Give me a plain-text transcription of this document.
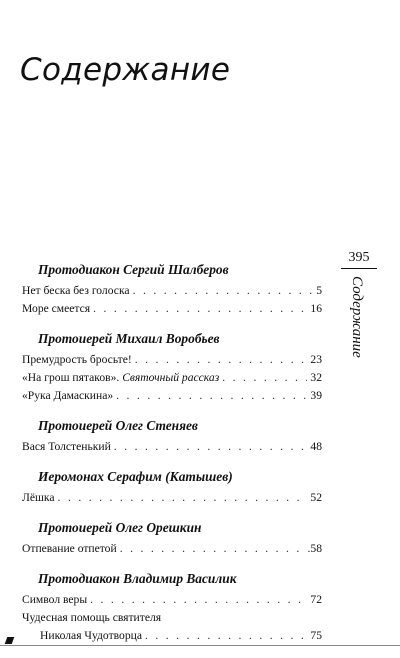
Содержание
395
Содержание
Протодиакон Сергий Шалберов
Нет беска без голоска . . .	5
Море смеется . . .	16
Протоиерей Михаил Воробьев
Премудрость бросьте! . . .	23
«На грош пятаков». Святочный рассказ . . .	32
«Рука Дамаскина» . . .	39
Протоиерей Олег Стеняев
Вася Толстенький . . .	48
Иеромонах Серафим (Катышев)
Лёшка . . .	52
Протоиерей Олег Орешкин
Отпевание отпетой . . .	.58
Протодиакон Владимир Василик
Символ веры . . .	72
Чудесная помощь святителя
Николая Чудотворца . . .	75
